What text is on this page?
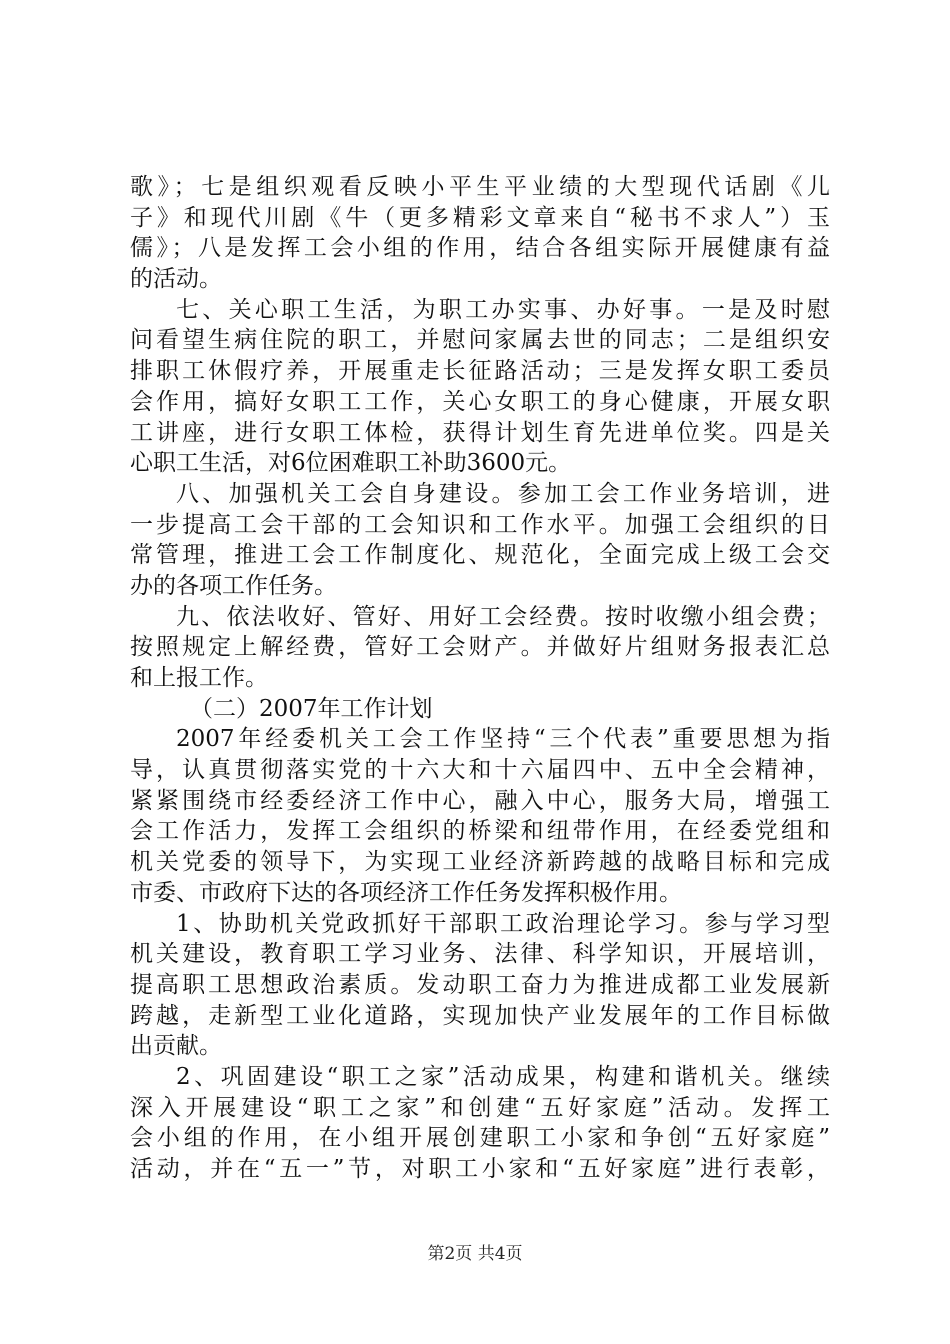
歌》；七是组织观看反映小平生平业绩的大型现代话剧《儿
子》和现代川剧《牛（更多精彩文章来自“秘书不求人”）玉
儒》；八是发挥工会小组的作用，结合各组实际开展健康有益
的活动。
七、关心职工生活，为职工办实事、办好事。一是及时慰
问看望生病住院的职工，并慰问家属去世的同志；二是组织安
排职工休假疗养，开展重走长征路活动；三是发挥女职工委员
会作用，搞好女职工工作，关心女职工的身心健康，开展女职
工讲座，进行女职工体检，获得计划生育先进单位奖。四是关
心职工生活，对6位困难职工补助3600元。
八、加强机关工会自身建设。参加工会工作业务培训，进
一步提高工会干部的工会知识和工作水平。加强工会组织的日
常管理，推进工会工作制度化、规范化，全面完成上级工会交
办的各项工作任务。
九、依法收好、管好、用好工会经费。按时收缴小组会费；
按照规定上解经费，管好工会财产。并做好片组财务报表汇总
和上报工作。
（二）2007年工作计划
2007年经委机关工会工作坚持“三个代表”重要思想为指
导，认真贯彻落实党的十六大和十六届四中、五中全会精神，
紧紧围绕市经委经济工作中心，融入中心，服务大局，增强工
会工作活力，发挥工会组织的桥梁和纽带作用，在经委党组和
机关党委的领导下，为实现工业经济新跨越的战略目标和完成
市委、市政府下达的各项经济工作任务发挥积极作用。
1、协助机关党政抓好干部职工政治理论学习。参与学习型
机关建设，教育职工学习业务、法律、科学知识，开展培训，
提高职工思想政治素质。发动职工奋力为推进成都工业发展新
跨越，走新型工业化道路，实现加快产业发展年的工作目标做
出贡献。
2、巩固建设“职工之家”活动成果，构建和谐机关。继续
深入开展建设“职工之家”和创建“五好家庭”活动。发挥工
会小组的作用，在小组开展创建职工小家和争创“五好家庭”
活动，并在“五一”节，对职工小家和“五好家庭”进行表彰，
第2页 共4页
